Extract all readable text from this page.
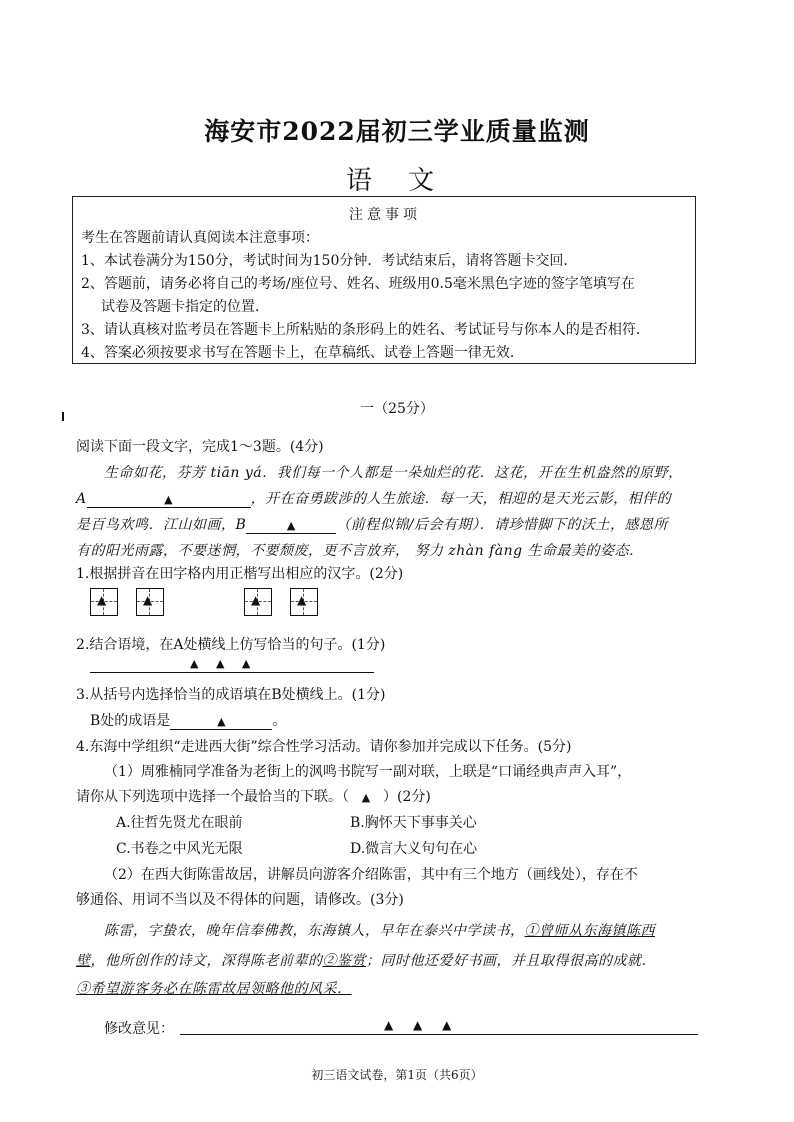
海安市2022届初三学业质量监测
语 文
注意事项
考生在答题前请认真阅读本注意事项：
1、本试卷满分为150分，考试时间为150分钟．考试结束后，请将答题卡交回．
2、答题前，请务必将自己的考场/座位号、姓名、班级用0.5毫米黑色字迹的签字笔填写在
试卷及答题卡指定的位置．
3、请认真核对监考员在答题卡上所粘贴的条形码上的姓名、考试证号与你本人的是否相符．
4、答案必须按要求书写在答题卡上，在草稿纸、试卷上答题一律无效．
一（25分）
阅读下面一段文字，完成1～3题。(4分)
生命如花，芬芳 tiān yá．我们每一个人都是一朵灿烂的花．这花，开在生机盎然的原野，
A	▲	，开在奋勇跋涉的人生旅途．每一天，相迎的是天光云影，相伴的
是百鸟欢鸣．江山如画，B	▲	（前程似锦/后会有期）．请珍惜脚下的沃土，感恩所
有的阳光雨露，不要迷惘，不要颓废，更不言放弃， 努力 zhàn fàng 生命最美的姿态．
1.根据拼音在田字格内用正楷写出相应的汉字。(2分)
▲	▲	▲	▲
2.结合语境，在A处横线上仿写恰当的句子。(1分)
▲ ▲ ▲
3.从括号内选择恰当的成语填在B处横线上。(1分)
B处的成语是	▲	。
4.东海中学组织“走进西大街”综合性学习活动。请你参加并完成以下任务。(5分)
（1）周雅楠同学准备为老街上的沨鸣书院写一副对联，上联是“口诵经典声声入耳”，
请你从下列选项中选择一个最恰当的下联。（ ▲ ）(2分)
A.往哲先贤尤在眼前	B.胸怀天下事事关心
C.书卷之中风光无限	D.微言大义句句在心
（2）在西大街陈雷故居，讲解员向游客介绍陈雷，其中有三个地方（画线处），存在不
够通俗、用词不当以及不得体的问题，请修改。(3分)
陈雷，字蛰农，晚年信奉佛教，东海镇人，早年在泰兴中学读书，①曾师从东海镇陈西
壁，他所创作的诗文，深得陈老前辈的②鉴赏；同时他还爱好书画，并且取得很高的成就．
③希望游客务必在陈雷故居领略他的风采．
修改意见：	▲ ▲ ▲
初三语文试卷，第1页（共6页）
